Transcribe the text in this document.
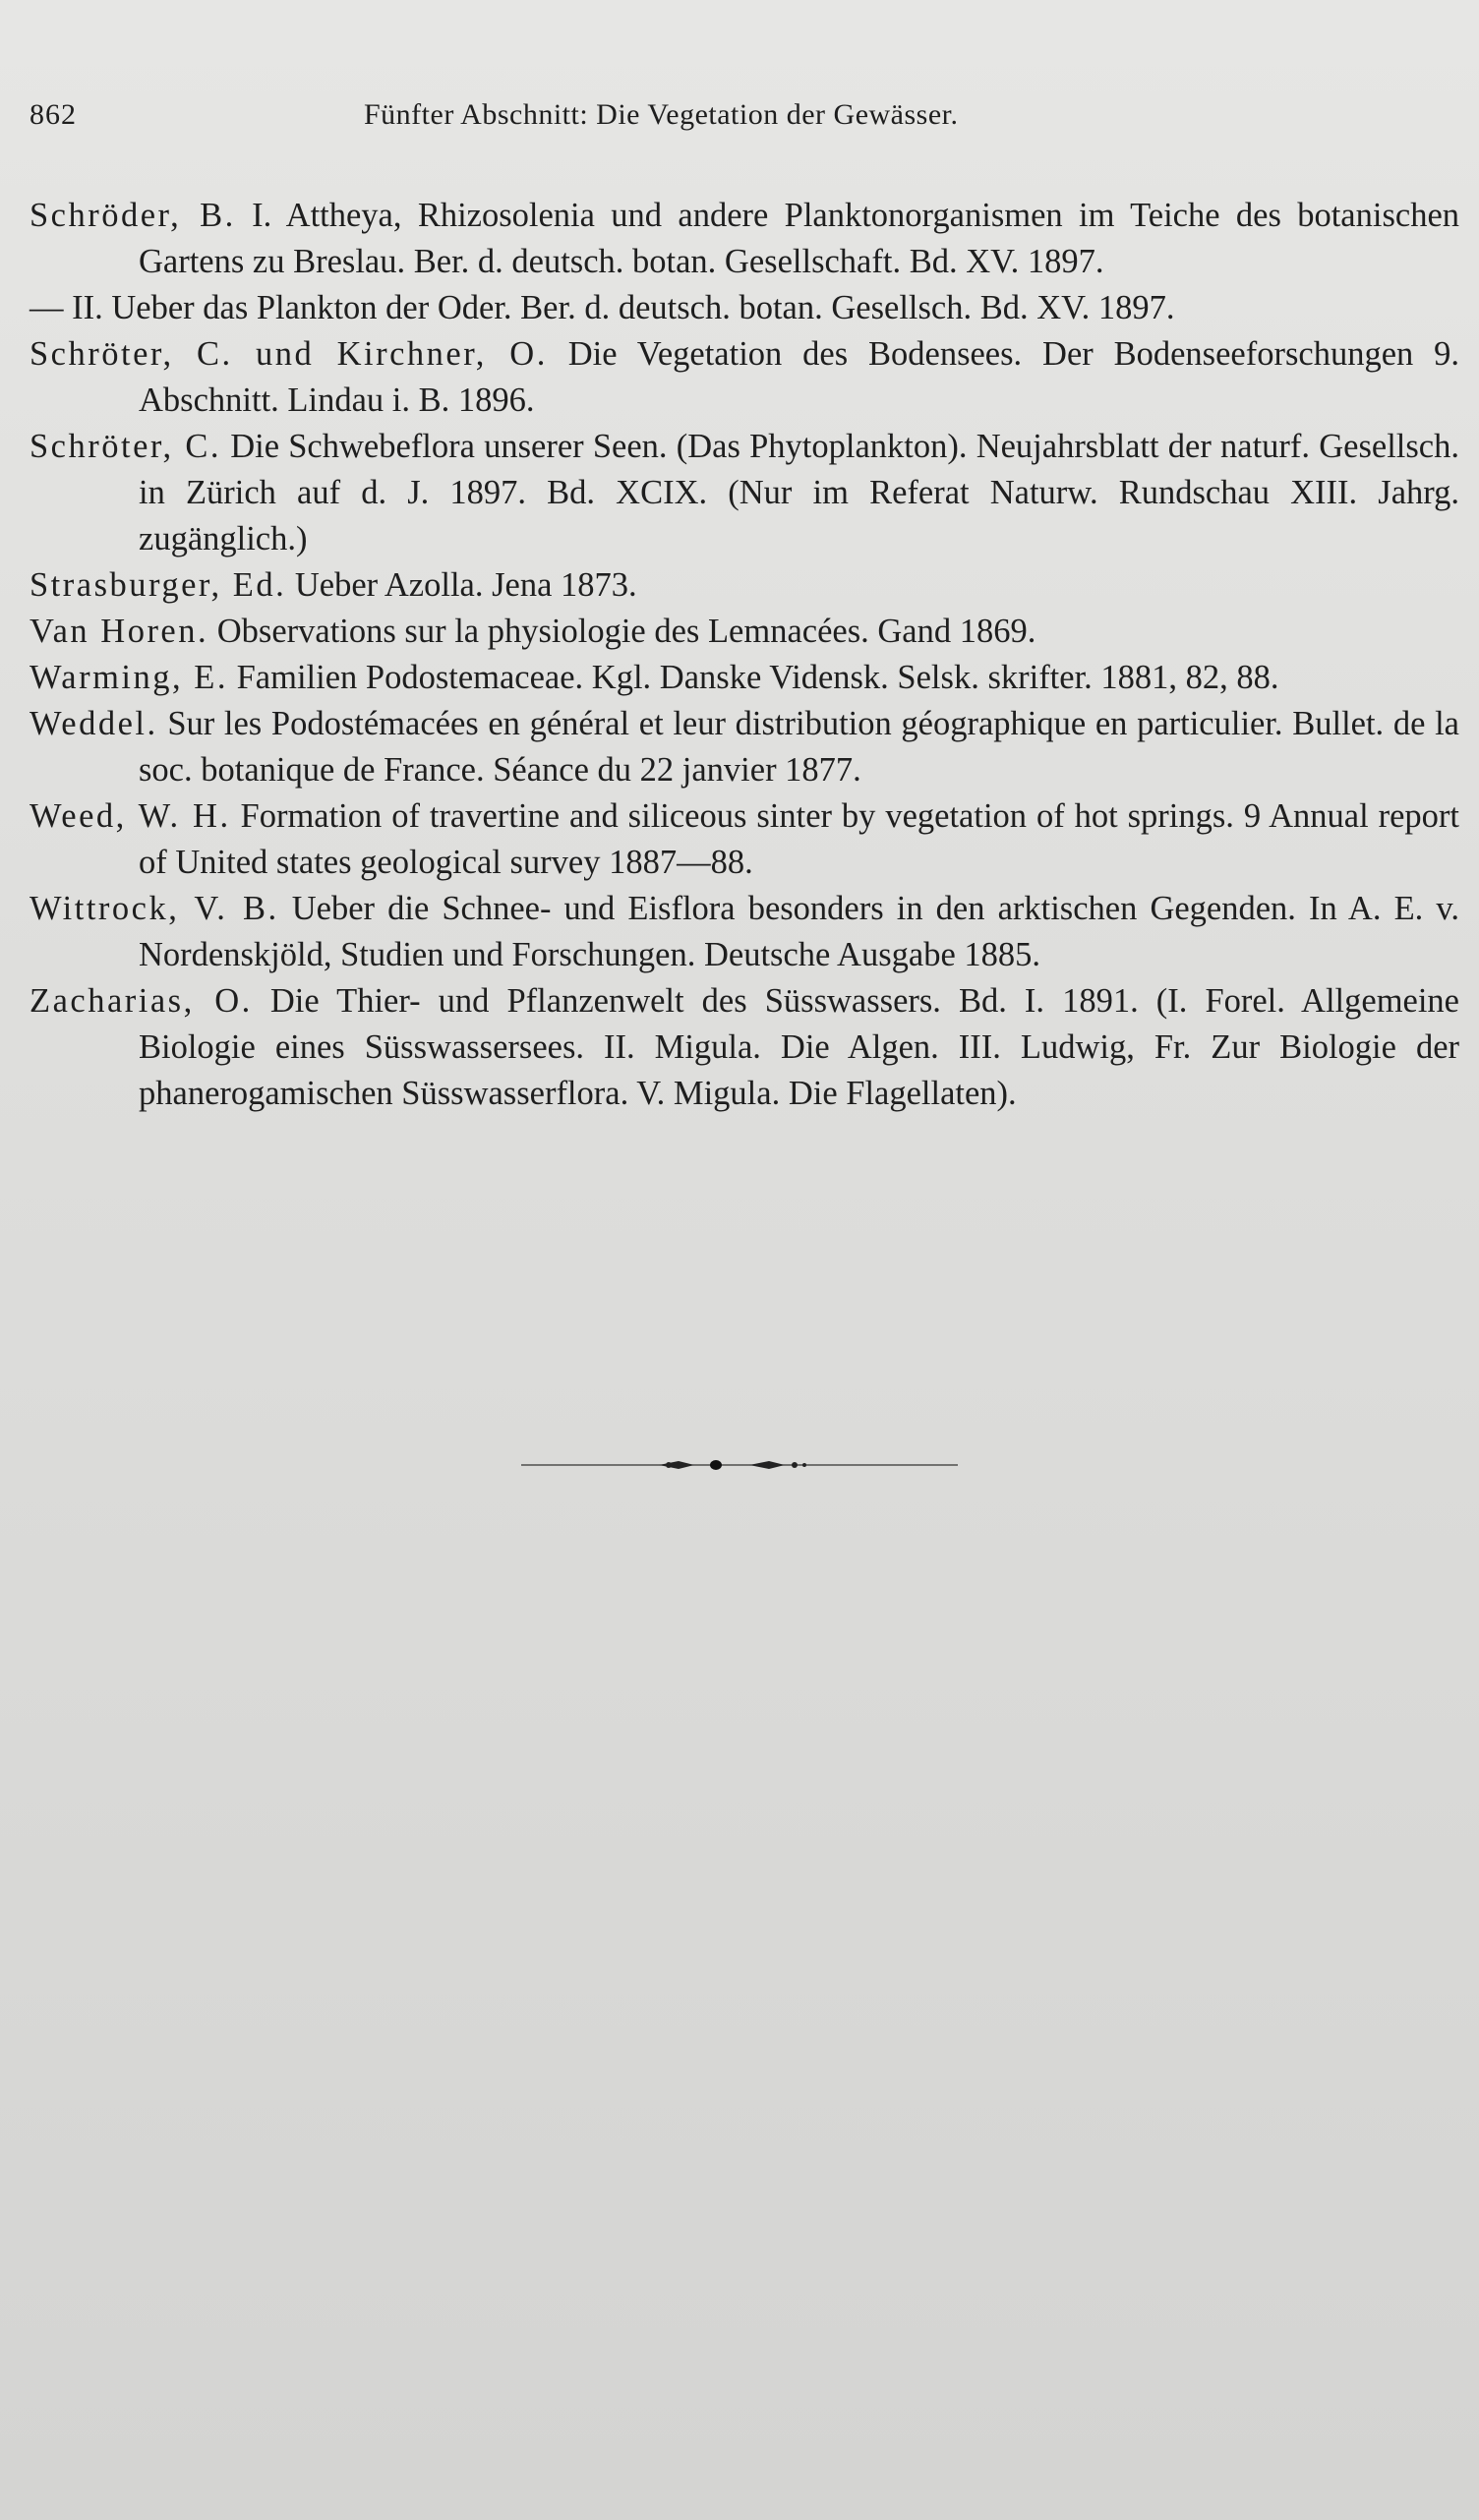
862	Fünfter Abschnitt: Die Vegetation der Gewässer.

Schröder, B. I. Attheya, Rhizosolenia und andere Planktonorganismen im Teiche des botanischen Gartens zu Breslau. Ber. d. deutsch. botan. Gesellschaft. Bd. XV. 1897.

— II. Ueber das Plankton der Oder. Ber. d. deutsch. botan. Gesellsch. Bd. XV. 1897.

Schröter, C. und Kirchner, O. Die Vegetation des Bodensees. Der Bodenseeforschungen 9. Abschnitt. Lindau i. B. 1896.

Schröter, C. Die Schwebeflora unserer Seen. (Das Phytoplankton). Neujahrsblatt der naturf. Gesellsch. in Zürich auf d. J. 1897. Bd. XCIX. (Nur im Referat Naturw. Rundschau XIII. Jahrg. zugänglich.)

Strasburger, Ed. Ueber Azolla. Jena 1873.

Van Horen. Observations sur la physiologie des Lemnacées. Gand 1869.

Warming, E. Familien Podostemaceae. Kgl. Danske Vidensk. Selsk. skrifter. 1881, 82, 88.

Weddel. Sur les Podostémacées en général et leur distribution géographique en particulier. Bullet. de la soc. botanique de France. Séance du 22 janvier 1877.

Weed, W. H. Formation of travertine and siliceous sinter by vegetation of hot springs. 9 Annual report of United states geological survey 1887—88.

Wittrock, V. B. Ueber die Schnee- und Eisflora besonders in den arktischen Gegenden. In A. E. v. Nordenskjöld, Studien und Forschungen. Deutsche Ausgabe 1885.

Zacharias, O. Die Thier- und Pflanzenwelt des Süsswassers. Bd. I. 1891. (I. Forel. Allgemeine Biologie eines Süsswassersees. II. Migula. Die Algen. III. Ludwig, Fr. Zur Biologie der phanerogamischen Süsswasserflora. V. Migula. Die Flagellaten).
